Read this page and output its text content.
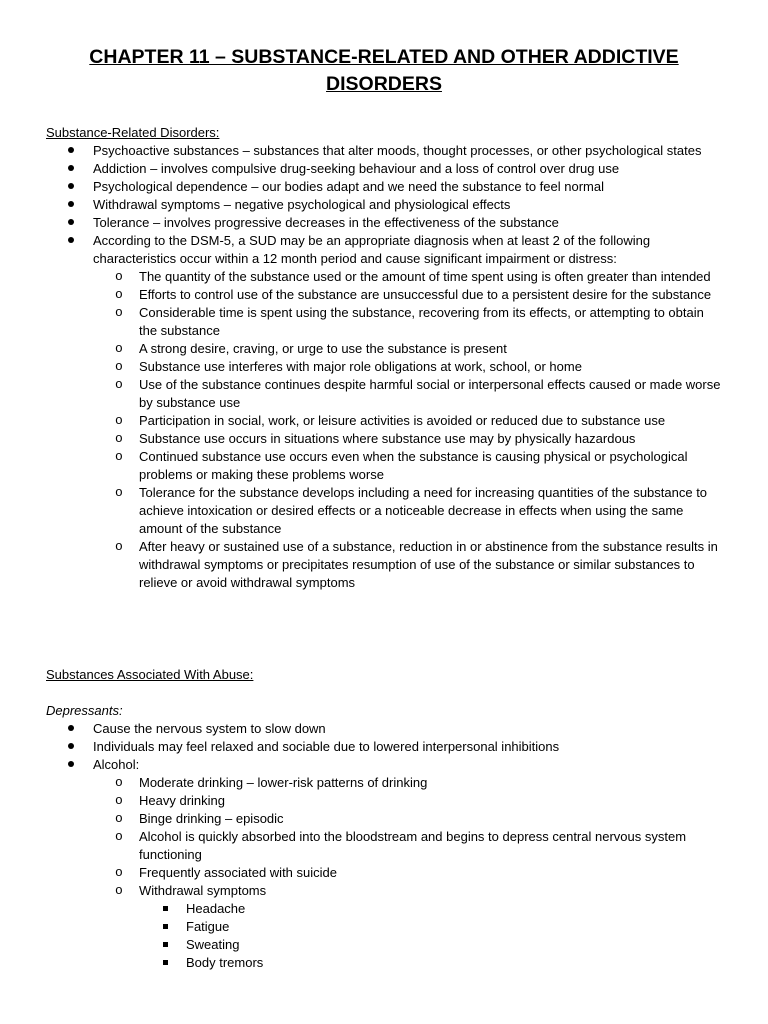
CHAPTER 11 – SUBSTANCE-RELATED AND OTHER ADDICTIVE
DISORDERS

Substance-Related Disorders:

Psychoactive substances – substances that alter moods, thought processes, or other psychological states
Addiction – involves compulsive drug-seeking behaviour and a loss of control over drug use
Psychological dependence – our bodies adapt and we need the substance to feel normal
Withdrawal symptoms – negative psychological and physiological effects
Tolerance – involves progressive decreases in the effectiveness of the substance
According to the DSM-5, a SUD may be an appropriate diagnosis when at least 2 of the following characteristics occur within a 12 month period and cause significant impairment or distress:
o The quantity of the substance used or the amount of time spent using is often greater than intended
o Efforts to control use of the substance are unsuccessful due to a persistent desire for the substance
o Considerable time is spent using the substance, recovering from its effects, or attempting to obtain the substance
o A strong desire, craving, or urge to use the substance is present
o Substance use interferes with major role obligations at work, school, or home
o Use of the substance continues despite harmful social or interpersonal effects caused or made worse by substance use
o Participation in social, work, or leisure activities is avoided or reduced due to substance use
o Substance use occurs in situations where substance use may by physically hazardous
o Continued substance use occurs even when the substance is causing physical or psychological problems or making these problems worse
o Tolerance for the substance develops including a need for increasing quantities of the substance to achieve intoxication or desired effects or a noticeable decrease in effects when using the same amount of the substance
o After heavy or sustained use of a substance, reduction in or abstinence from the substance results in withdrawal symptoms or precipitates resumption of use of the substance or similar substances to relieve or avoid withdrawal symptoms

Substances Associated With Abuse:

Depressants:

Cause the nervous system to slow down
Individuals may feel relaxed and sociable due to lowered interpersonal inhibitions
Alcohol:
o Moderate drinking – lower-risk patterns of drinking
o Heavy drinking
o Binge drinking – episodic
o Alcohol is quickly absorbed into the bloodstream and begins to depress central nervous system functioning
o Frequently associated with suicide
o Withdrawal symptoms
Headache
Fatigue
Sweating
Body tremors
